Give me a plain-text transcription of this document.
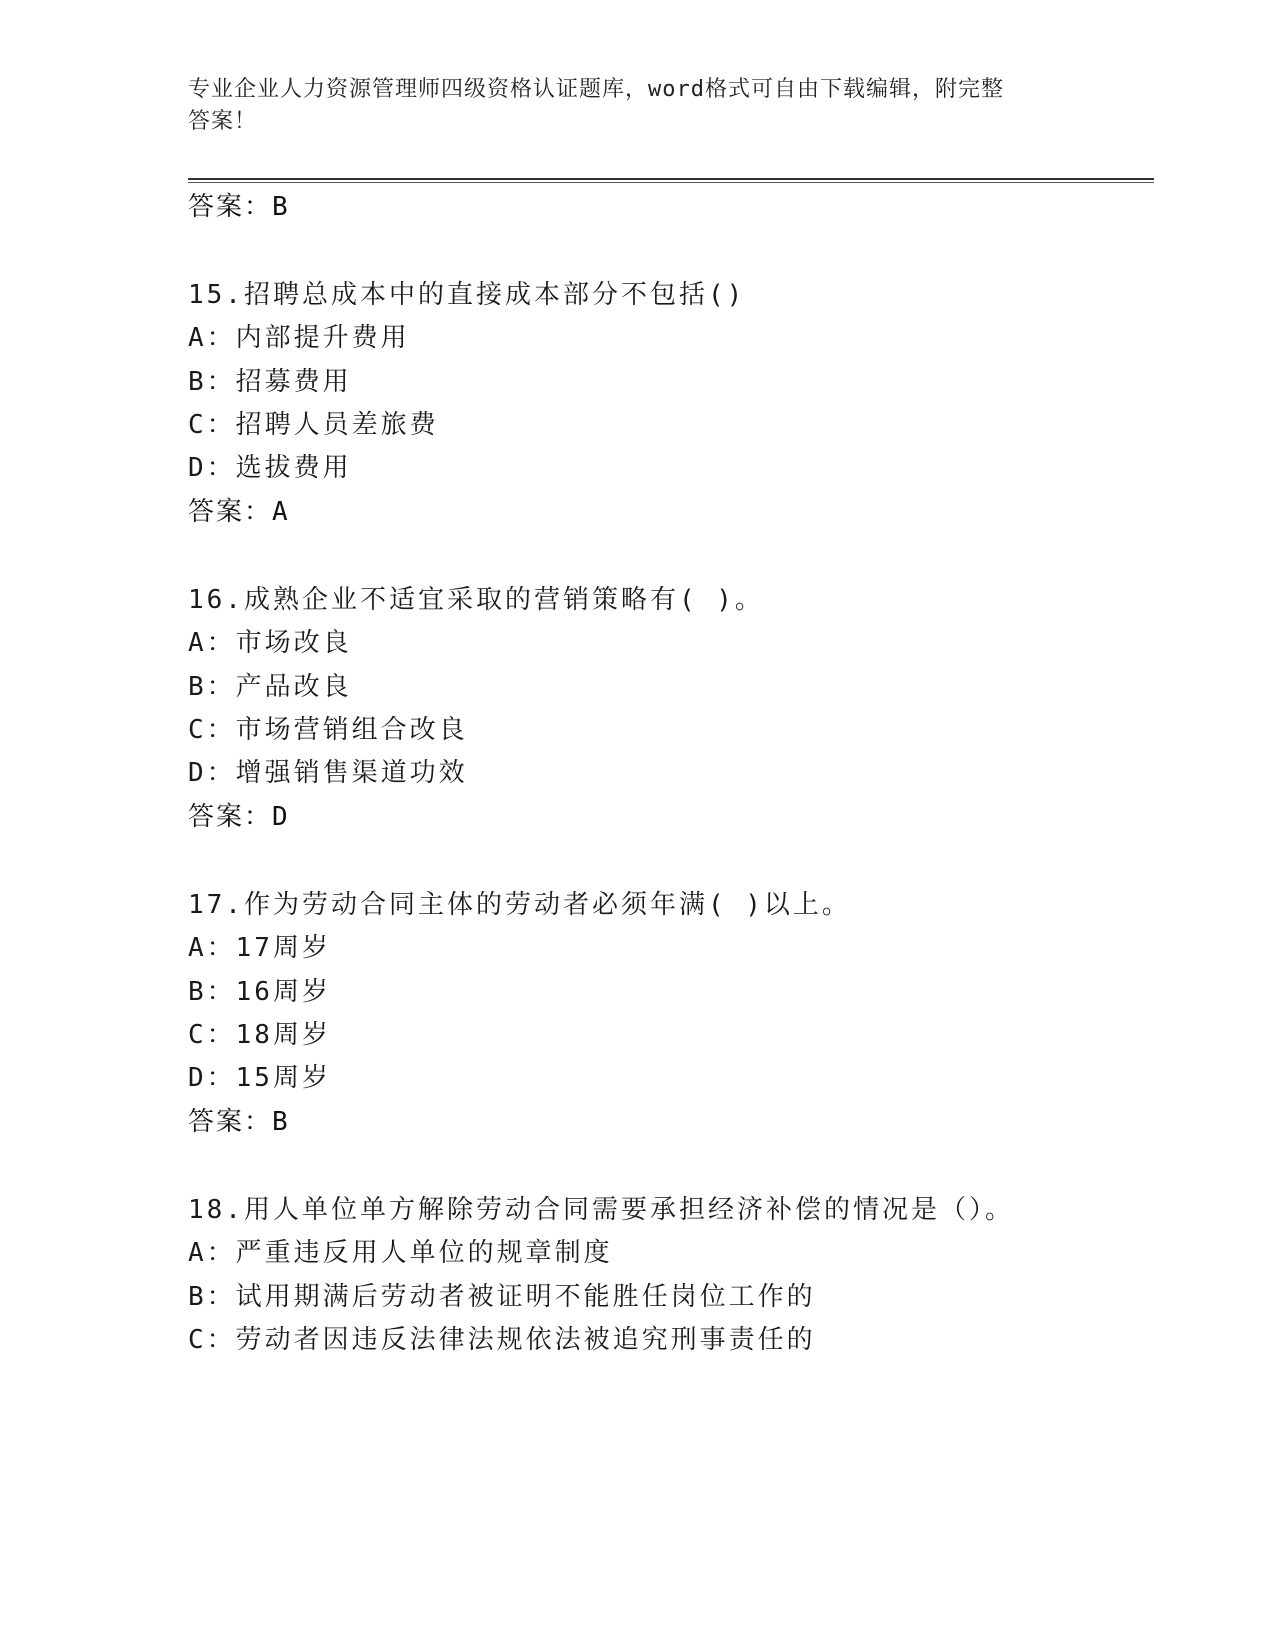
专业企业人力资源管理师四级资格认证题库，word格式可自由下载编辑，附完整
答案！
答案：B
15.招聘总成本中的直接成本部分不包括()
A：内部提升费用
B：招募费用
C：招聘人员差旅费
D：选拔费用
答案：A
16.成熟企业不适宜采取的营销策略有( )。
A：市场改良
B：产品改良
C：市场营销组合改良
D：增强销售渠道功效
答案：D
17.作为劳动合同主体的劳动者必须年满( )以上。
A：17周岁
B：16周岁
C：18周岁
D：15周岁
答案：B
18.用人单位单方解除劳动合同需要承担经济补偿的情况是（）。
A：严重违反用人单位的规章制度
B：试用期满后劳动者被证明不能胜任岗位工作的
C：劳动者因违反法律法规依法被追究刑事责任的
